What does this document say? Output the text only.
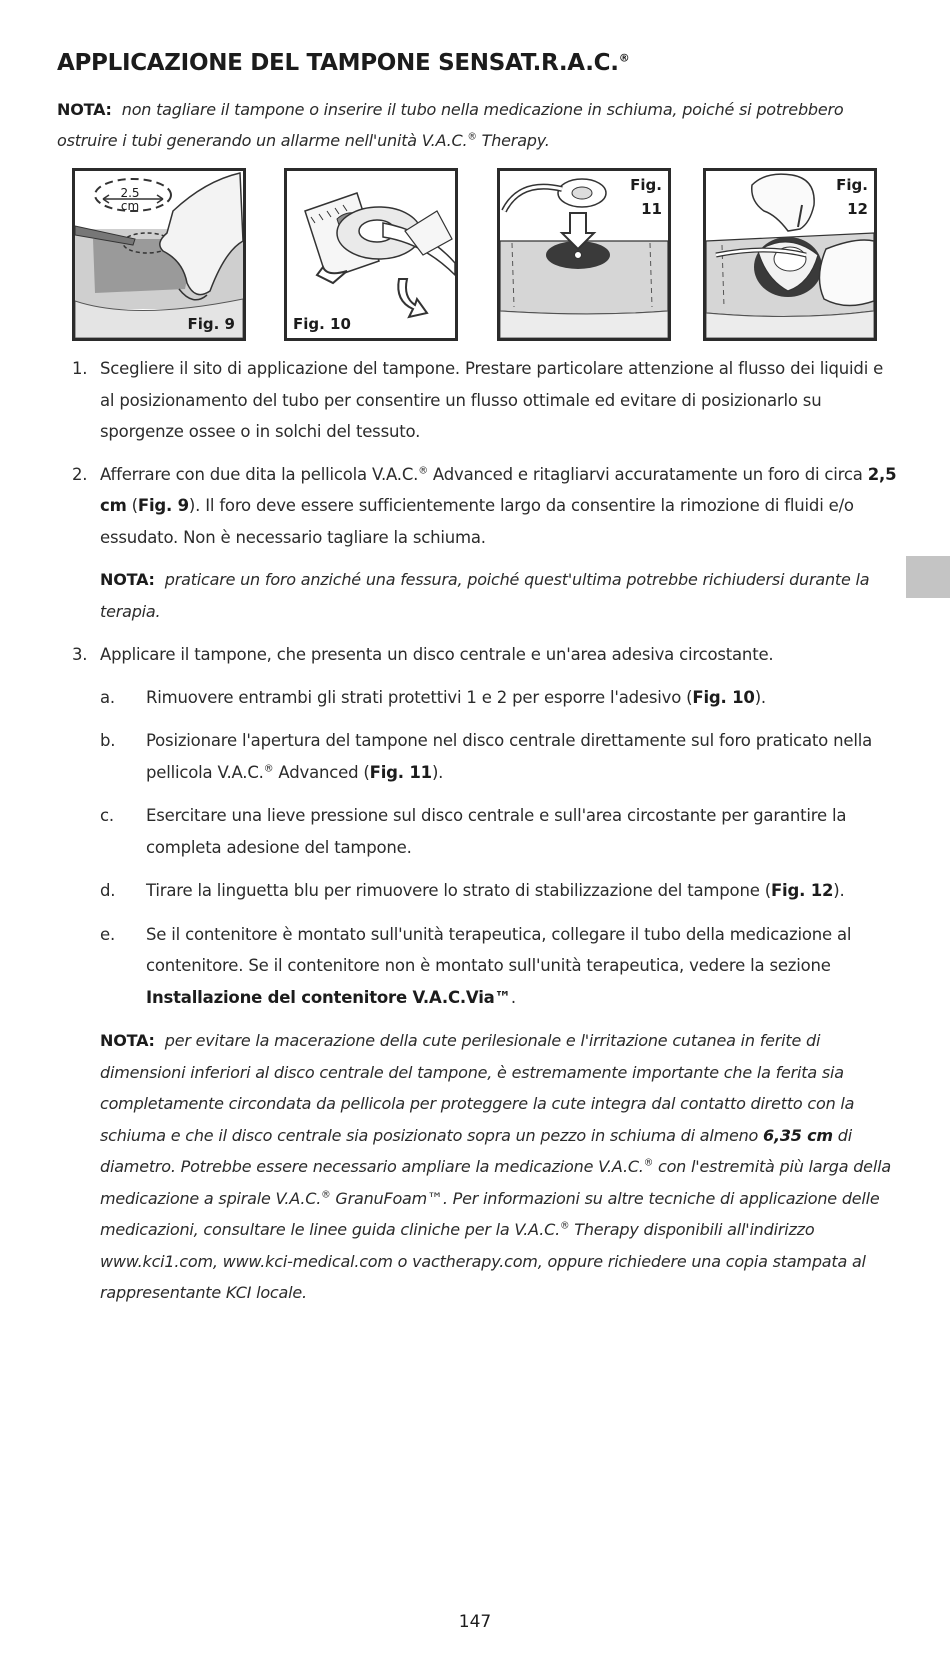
APPLICAZIONE DEL TAMPONE SENSAT.R.A.C.®
NOTA: non tagliare il tampone o inserire il tubo nella medicazione in schiuma, poiché si potrebbero ostruire i tubi generando un allarme nell'unità V.A.C.® Therapy.
2.5
cm
Fig. 9	Fig. 10
Fig.
11
Fig.
12
1. Scegliere il sito di applicazione del tampone. Prestare particolare attenzione al flusso dei liquidi e al posizionamento del tubo per consentire un flusso ottimale ed evitare di posizionarlo su sporgenze ossee o in solchi del tessuto.
2. Afferrare con due dita la pellicola V.A.C.® Advanced e ritagliarvi accuratamente un foro di circa 2,5 cm (Fig. 9). Il foro deve essere sufficientemente largo da consentire la rimozione di fluidi e/o essudato. Non è necessario tagliare la schiuma.
NOTA: praticare un foro anziché una fessura, poiché quest'ultima potrebbe richiudersi durante la terapia.
3. Applicare il tampone, che presenta un disco centrale e un'area adesiva circostante.
a. Rimuovere entrambi gli strati protettivi 1 e 2 per esporre l'adesivo (Fig. 10).
b. Posizionare l'apertura del tampone nel disco centrale direttamente sul foro praticato nella pellicola V.A.C.® Advanced (Fig. 11).
c. Esercitare una lieve pressione sul disco centrale e sull'area circostante per garantire la completa adesione del tampone.
d. Tirare la linguetta blu per rimuovere lo strato di stabilizzazione del tampone (Fig. 12).
e. Se il contenitore è montato sull'unità terapeutica, collegare il tubo della medicazione al contenitore. Se il contenitore non è montato sull'unità terapeutica, vedere la sezione Installazione del contenitore V.A.C.Via™.
NOTA: per evitare la macerazione della cute perilesionale e l'irritazione cutanea in ferite di dimensioni inferiori al disco centrale del tampone, è estremamente importante che la ferita sia completamente circondata da pellicola per proteggere la cute integra dal contatto diretto con la schiuma e che il disco centrale sia posizionato sopra un pezzo in schiuma di almeno 6,35 cm di diametro. Potrebbe essere necessario ampliare la medicazione V.A.C.® con l'estremità più larga della medicazione a spirale V.A.C.® GranuFoam™. Per informazioni su altre tecniche di applicazione delle medicazioni, consultare le linee guida cliniche per la V.A.C.® Therapy disponibili all'indirizzo www.kci1.com, www.kci-medical.com o vactherapy.com, oppure richiedere una copia stampata al rappresentante KCI locale.
147
